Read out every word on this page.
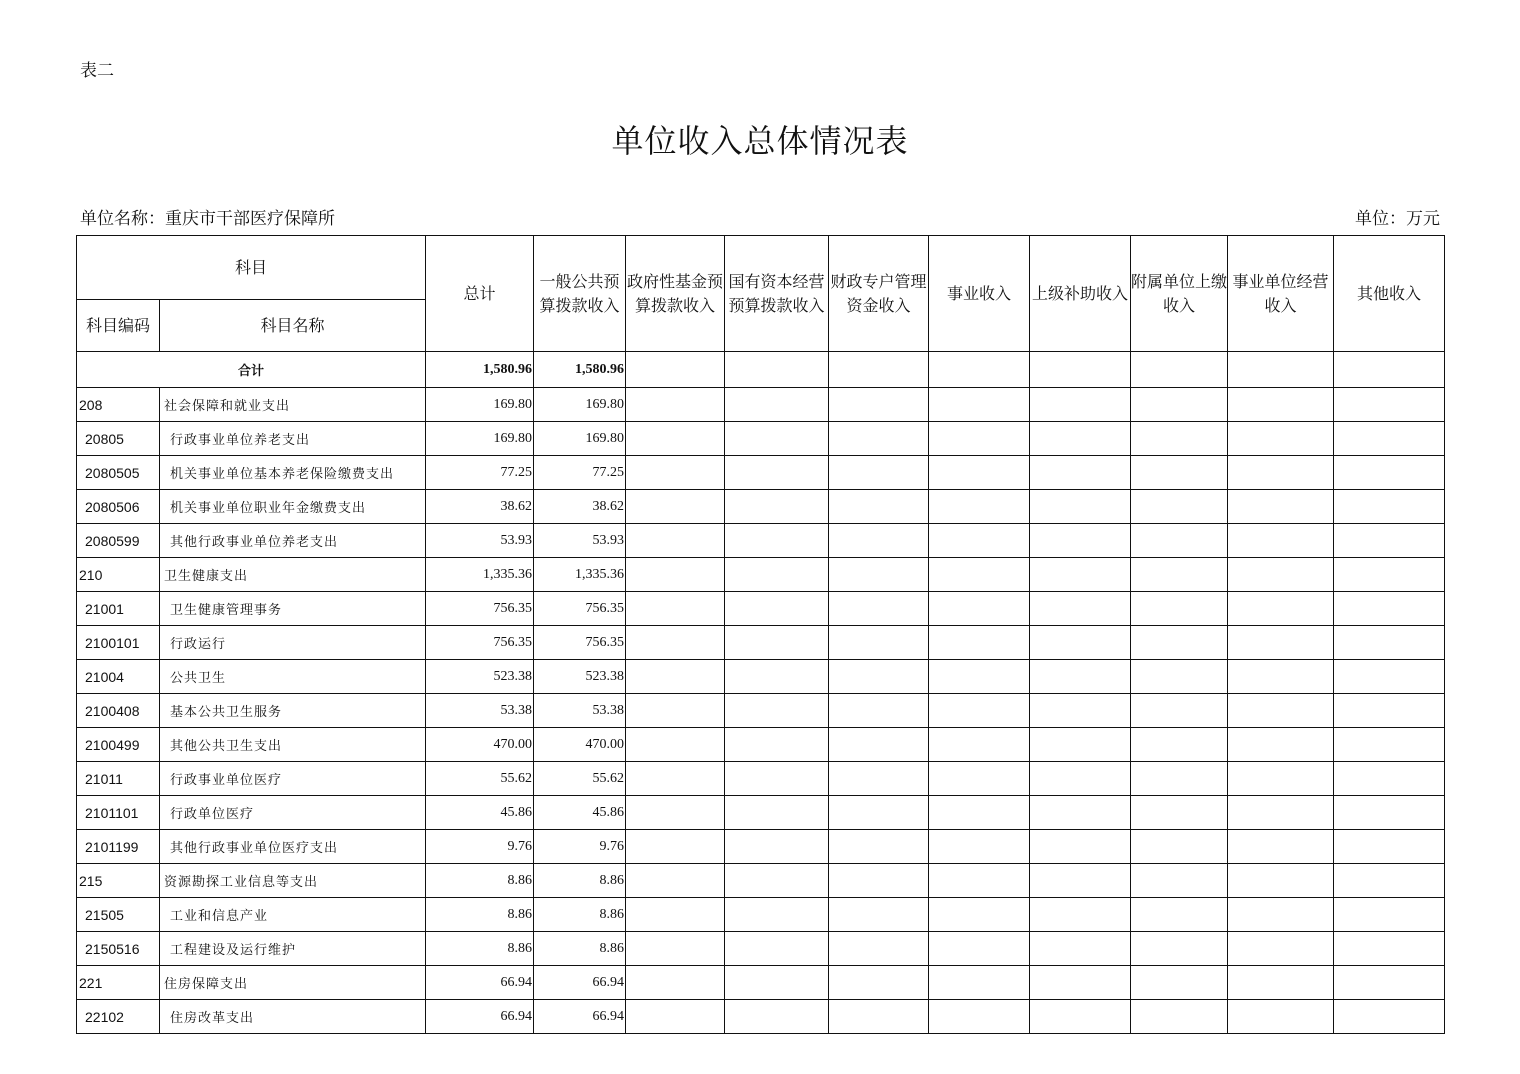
表二
单位收入总体情况表
单位名称：重庆市干部医疗保障所	单位：万元
科目		总计	一般公共预算拨款收入	政府性基金预算拨款收入	国有资本经营预算拨款收入	财政专户管理资金收入	事业收入	上级补助收入	附属单位上缴收入	事业单位经营收入	其他收入
科目编码	科目名称										
合计		1,580.96	1,580.96								
208	社会保障和就业支出	169.80	169.80								
20805	行政事业单位养老支出	169.80	169.80								
2080505	机关事业单位基本养老保险缴费支出	77.25	77.25								
2080506	机关事业单位职业年金缴费支出	38.62	38.62								
2080599	其他行政事业单位养老支出	53.93	53.93								
210	卫生健康支出	1,335.36	1,335.36								
21001	卫生健康管理事务	756.35	756.35								
2100101	行政运行	756.35	756.35								
21004	公共卫生	523.38	523.38								
2100408	基本公共卫生服务	53.38	53.38								
2100499	其他公共卫生支出	470.00	470.00								
21011	行政事业单位医疗	55.62	55.62								
2101101	行政单位医疗	45.86	45.86								
2101199	其他行政事业单位医疗支出	9.76	9.76								
215	资源勘探工业信息等支出	8.86	8.86								
21505	工业和信息产业	8.86	8.86								
2150516	工程建设及运行维护	8.86	8.86								
221	住房保障支出	66.94	66.94								
22102	住房改革支出	66.94	66.94								
